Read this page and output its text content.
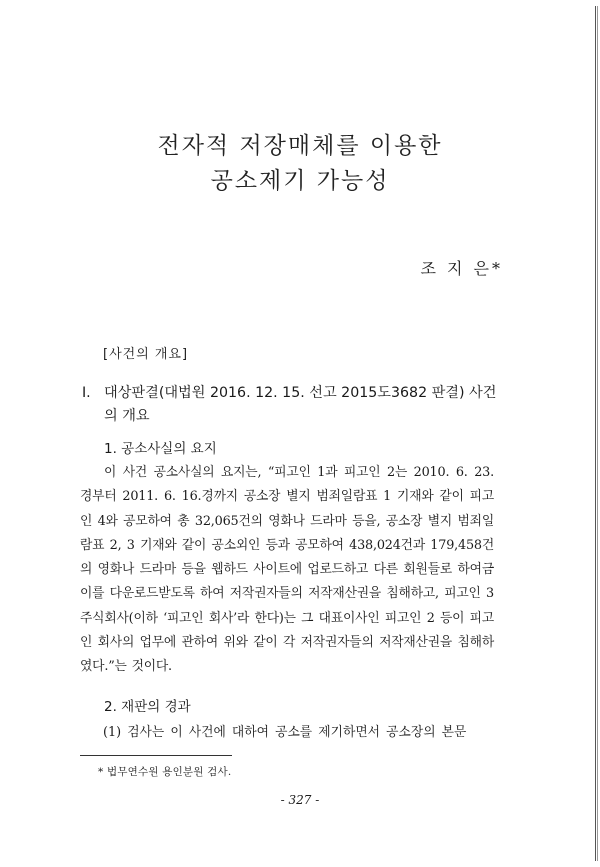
전자적 저장매체를 이용한
공소제기 가능성
조 지 은*
[사건의 개요]
I. 대상판결(대법원 2016. 12. 15. 선고 2015도3682 판결) 사건의 개요
1. 공소사실의 요지
이 사건 공소사실의 요지는, “피고인 1과 피고인 2는 2010. 6. 23. 경부터 2011. 6. 16.경까지 공소장 별지 범죄일람표 1 기재와 같이 피고인 4와 공모하여 총 32,065건의 영화나 드라마 등을, 공소장 별지 범죄일람표 2, 3 기재와 같이 공소외인 등과 공모하여 438,024건과 179,458건의 영화나 드라마 등을 웹하드 사이트에 업로드하고 다른 회원들로 하여금 이를 다운로드받도록 하여 저작권자들의 저작재산권을 침해하고, 피고인 3 주식회사(이하 ‘피고인 회사’라 한다)는 그 대표이사인 피고인 2 등이 피고인 회사의 업무에 관하여 위와 같이 각 저작권자들의 저작재산권을 침해하였다.”는 것이다.
2. 재판의 경과
(1) 검사는 이 사건에 대하여 공소를 제기하면서 공소장의 본문
* 법무연수원 용인분원 검사.
- 327 -
